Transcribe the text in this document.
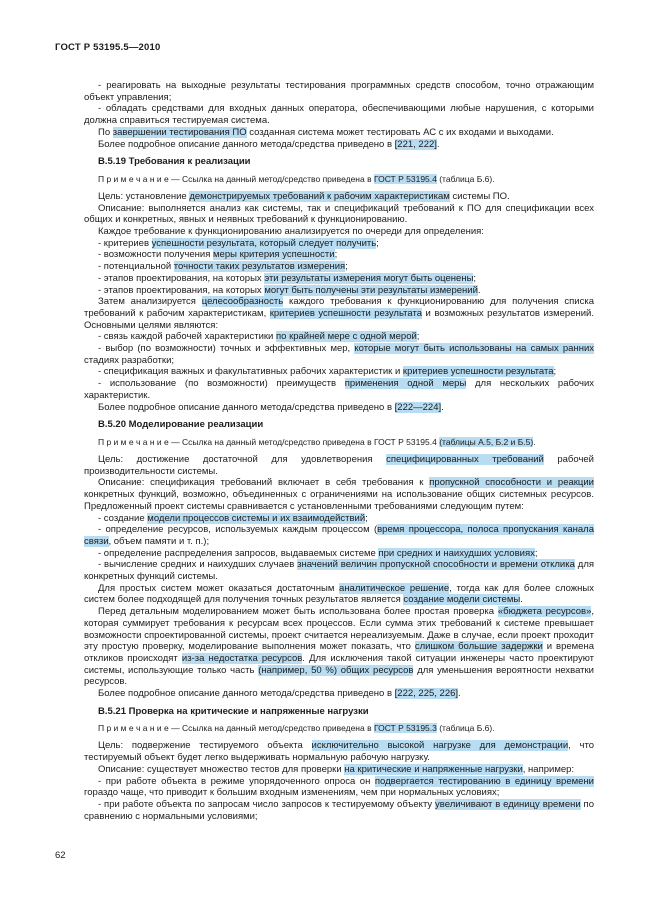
ГОСТ Р 53195.5—2010

- реагировать на выходные результаты тестирования программных средств способом, точно отражающим объект управления;

- обладать средствами для входных данных оператора, обеспечивающими любые нарушения, с которыми должна справиться тестируемая система.

По завершении тестирования ПО созданная система может тестировать АС с их входами и выходами.

Более подробное описание данного метода/средства приведено в [221, 222].

В.5.19 Требования к реализации

П р и м е ч а н и е — Ссылка на данный метод/средство приведена в ГОСТ Р 53195.4 (таблица Б.6).

Цель: установление демонстрируемых требований к рабочим характеристикам системы ПО.

Описание: выполняется анализ как системы, так и спецификаций требований к ПО для спецификации всех общих и конкретных, явных и неявных требований к функционированию.

Каждое требование к функционированию анализируется по очереди для определения:

- критериев успешности результата, который следует получить;

- возможности получения меры критерия успешности;

- потенциальной точности таких результатов измерения;

- этапов проектирования, на которых эти результаты измерения могут быть оценены;

- этапов проектирования, на которых могут быть получены эти результаты измерений.

Затем анализируется целесообразность каждого требования к функционированию для получения списка требований к рабочим характеристикам, критериев успешности результата и возможных результатов измерений. Основными целями являются:

- связь каждой рабочей характеристики по крайней мере с одной мерой;

- выбор (по возможности) точных и эффективных мер, которые могут быть использованы на самых ранних стадиях разработки;

- спецификация важных и факультативных рабочих характеристик и критериев успешности результата;

- использование (по возможности) преимуществ применения одной меры для нескольких рабочих характеристик.

Более подробное описание данного метода/средства приведено в [222—224].

В.5.20 Моделирование реализации

П р и м е ч а н и е — Ссылка на данный метод/средство приведена в ГОСТ Р 53195.4 (таблицы А.5, Б.2 и Б.5).

Цель: достижение достаточной для удовлетворения специфицированных требований рабочей производительности системы.

Описание: спецификация требований включает в себя требования к пропускной способности и реакции конкретных функций, возможно, объединенных с ограничениями на использование общих системных ресурсов. Предложенный проект системы сравнивается с установленными требованиями следующим путем:

- создание модели процессов системы и их взаимодействий;

- определение ресурсов, используемых каждым процессом (время процессора, полоса пропускания канала связи, объем памяти и т. п.);

- определение распределения запросов, выдаваемых системе при средних и наихудших условиях;

- вычисление средних и наихудших случаев значений величин пропускной способности и времени отклика для конкретных функций системы.

Для простых систем может оказаться достаточным аналитическое решение, тогда как для более сложных систем более подходящей для получения точных результатов является создание модели системы.

Перед детальным моделированием может быть использована более простая проверка «бюджета ресурсов», которая суммирует требования к ресурсам всех процессов. Если сумма этих требований к системе превышает возможности спроектированной системы, проект считается нереализуемым. Даже в случае, если проект проходит эту простую проверку, моделирование выполнения может показать, что слишком большие задержки и времена откликов происходят из-за недостатка ресурсов. Для исключения такой ситуации инженеры часто проектируют системы, использующие только часть (например, 50 %) общих ресурсов для уменьшения вероятности нехватки ресурсов.

Более подробное описание данного метода/средства приведено в [222, 225, 226].

В.5.21 Проверка на критические и напряженные нагрузки

П р и м е ч а н и е — Ссылка на данный метод/средство приведена в ГОСТ Р 53195.3 (таблица Б.6).

Цель: подвержение тестируемого объекта исключительно высокой нагрузке для демонстрации, что тестируемый объект будет легко выдерживать нормальную рабочую нагрузку.

Описание: существует множество тестов для проверки на критические и напряженные нагрузки, например:

- при работе объекта в режиме упорядоченного опроса он подвергается тестированию в единицу времени гораздо чаще, что приводит к большим входным изменениям, чем при нормальных условиях;

- при работе объекта по запросам число запросов к тестируемому объекту увеличивают в единицу времени по сравнению с нормальными условиями;

62
